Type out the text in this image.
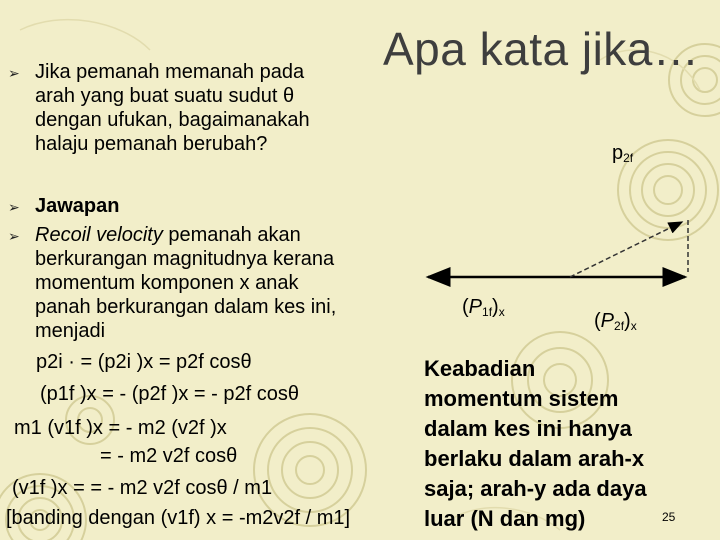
Apa kata jika…
➢ Jika pemanah memanah pada
arah yang buat suatu sudut θ
dengan ufukan, bagaimanakah
halaju pemanah berubah?
➢ Jawapan
➢ Recoil velocity pemanah akan
berkurangan magnitudnya kerana
momentum komponen x anak
panah berkurangan dalam kes ini,
menjadi
p2i · = (p2i )x = p2f cosθ
(p1f )x = - (p2f )x = - p2f cosθ
m1 (v1f )x = - m2 (v2f )x
= - m2 v2f cosθ
(v1f )x = = - m2 v2f cosθ / m1
[banding dengan (v1f) x = -m2v2f / m1]
$p_{2f}$
$(P_{1f})_x$	$(P_{2f})_x$
Keabadian
momentum sistem
dalam kes ini hanya
berlaku dalam arah-x
saja; arah-y ada daya
luar (N dan mg)	25
